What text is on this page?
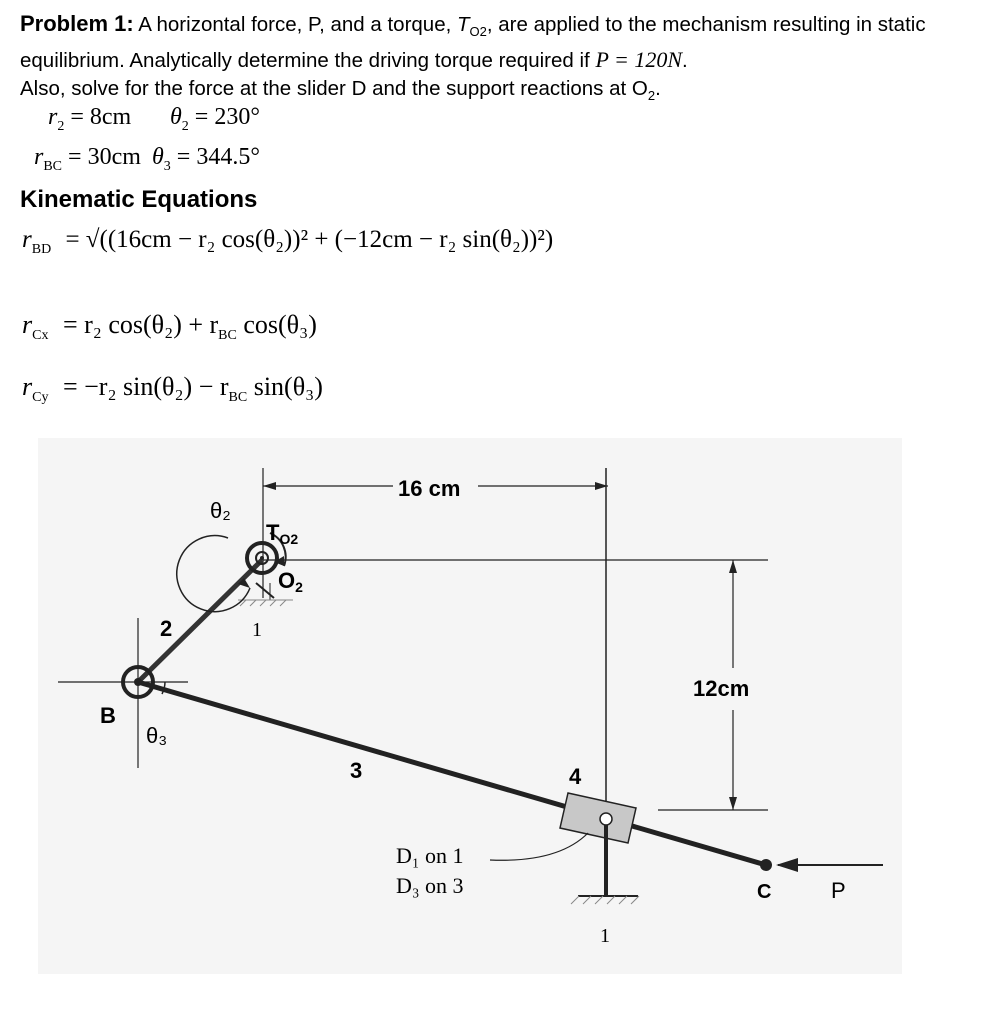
Problem 1: A horizontal force, P, and a torque, $T_{O2}$, are applied to the mechanism resulting in static equilibrium. Analytically determine the driving torque required if P = 120N.
Also, solve for the force at the slider D and the support reactions at $O_2$.
$r_2 = 8cm$ $\theta_2 = 230^\circ$
$r_{BC} = 30cm$ $\theta_3 = 344.5^\circ$
Kinematic Equations
$r_{BD} = √((16cm - r_2$ cos(θ₂))² + (−12cm − r₂ sin(θ₂))²)
$r_{Cx} = r_2$ $\cos(\theta_2) + r_{BC}$ cos(θ₃)
$r_{Cy} = -r_2$ $\sin(\theta_2) - r_{BC}$ sin(θ₃)
16 cm
12cm
1
2
3
θ₂
TO2
O2
B
θ₃
4
1
D₁ on 1
D₃ on 3	C	P
